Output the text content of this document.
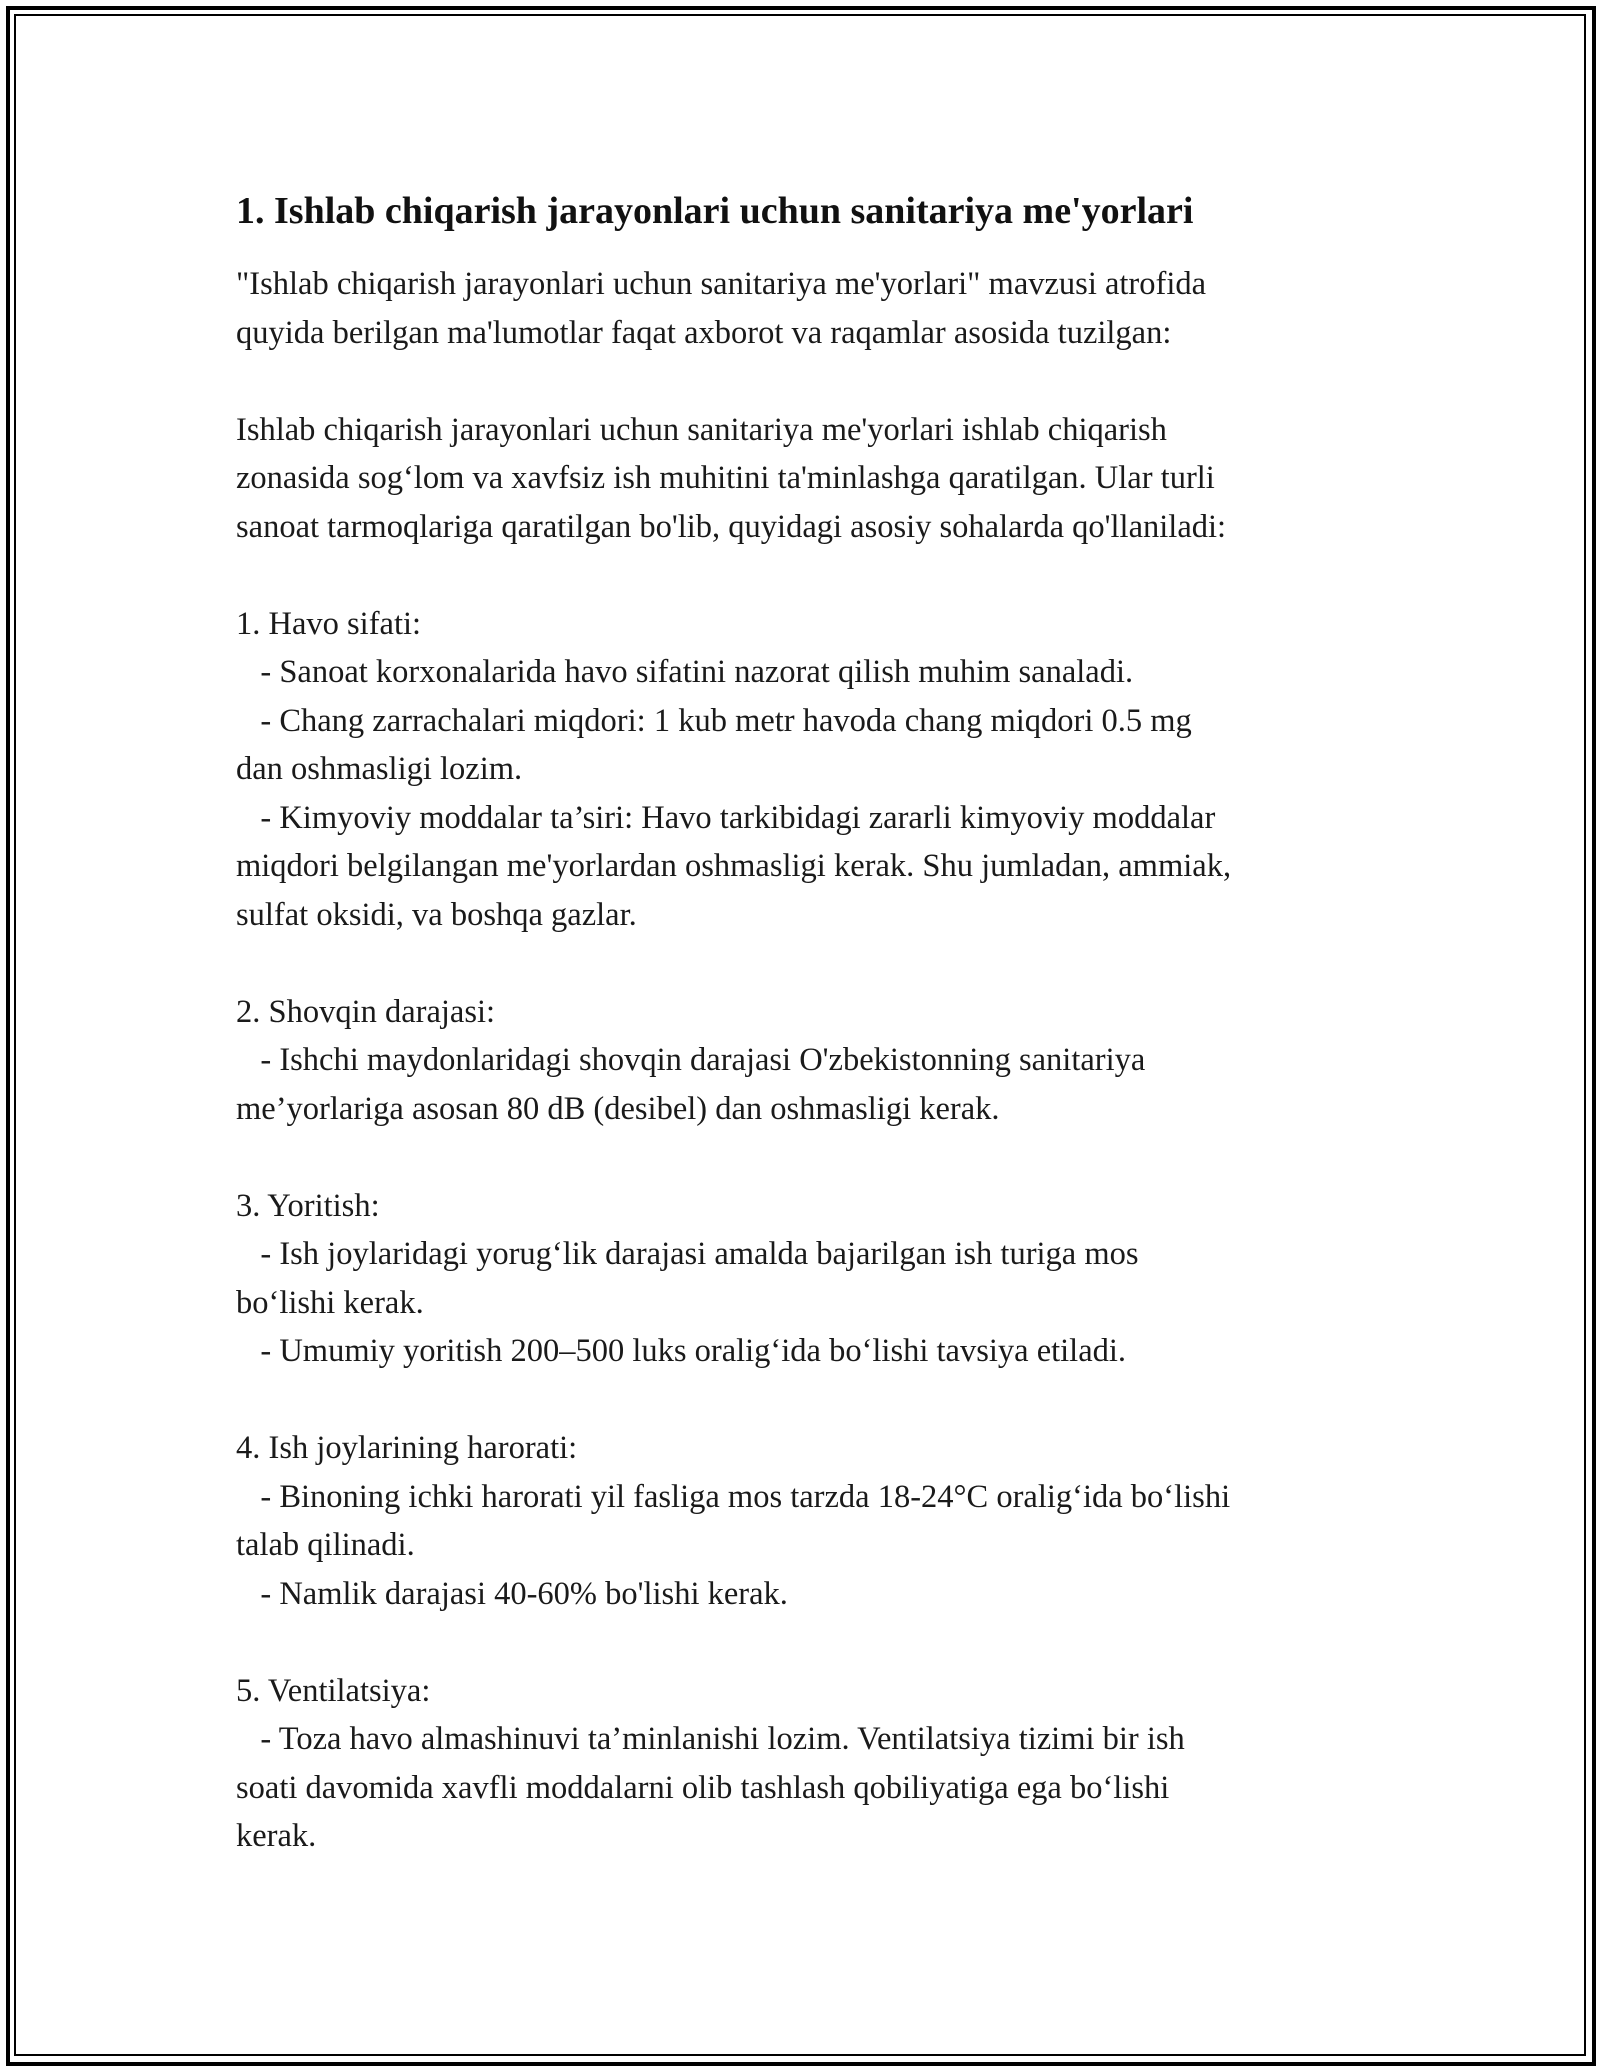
1. Ishlab chiqarish jarayonlari uchun sanitariya me'yorlari
"Ishlab chiqarish jarayonlari uchun sanitariya me'yorlari" mavzusi atrofida
quyida berilgan ma'lumotlar faqat axborot va raqamlar asosida tuzilgan:
Ishlab chiqarish jarayonlari uchun sanitariya me'yorlari ishlab chiqarish
zonasida sog‘lom va xavfsiz ish muhitini ta'minlashga qaratilgan. Ular turli
sanoat tarmoqlariga qaratilgan bo'lib, quyidagi asosiy sohalarda qo'llaniladi:
1. Havo sifati:
- Sanoat korxonalarida havo sifatini nazorat qilish muhim sanaladi.
- Chang zarrachalari miqdori: 1 kub metr havoda chang miqdori 0.5 mg
dan oshmasligi lozim.
- Kimyoviy moddalar ta’siri: Havo tarkibidagi zararli kimyoviy moddalar
miqdori belgilangan me'yorlardan oshmasligi kerak. Shu jumladan, ammiak,
sulfat oksidi, va boshqa gazlar.
2. Shovqin darajasi:
- Ishchi maydonlaridagi shovqin darajasi O'zbekistonning sanitariya
me’yorlariga asosan 80 dB (desibel) dan oshmasligi kerak.
3. Yoritish:
- Ish joylaridagi yorug‘lik darajasi amalda bajarilgan ish turiga mos
bo‘lishi kerak.
- Umumiy yoritish 200–500 luks oralig‘ida bo‘lishi tavsiya etiladi.
4. Ish joylarining harorati:
- Binoning ichki harorati yil fasliga mos tarzda 18-24°C oralig‘ida bo‘lishi
talab qilinadi.
- Namlik darajasi 40-60% bo'lishi kerak.
5. Ventilatsiya:
- Toza havo almashinuvi ta’minlanishi lozim. Ventilatsiya tizimi bir ish
soati davomida xavfli moddalarni olib tashlash qobiliyatiga ega bo‘lishi
kerak.
